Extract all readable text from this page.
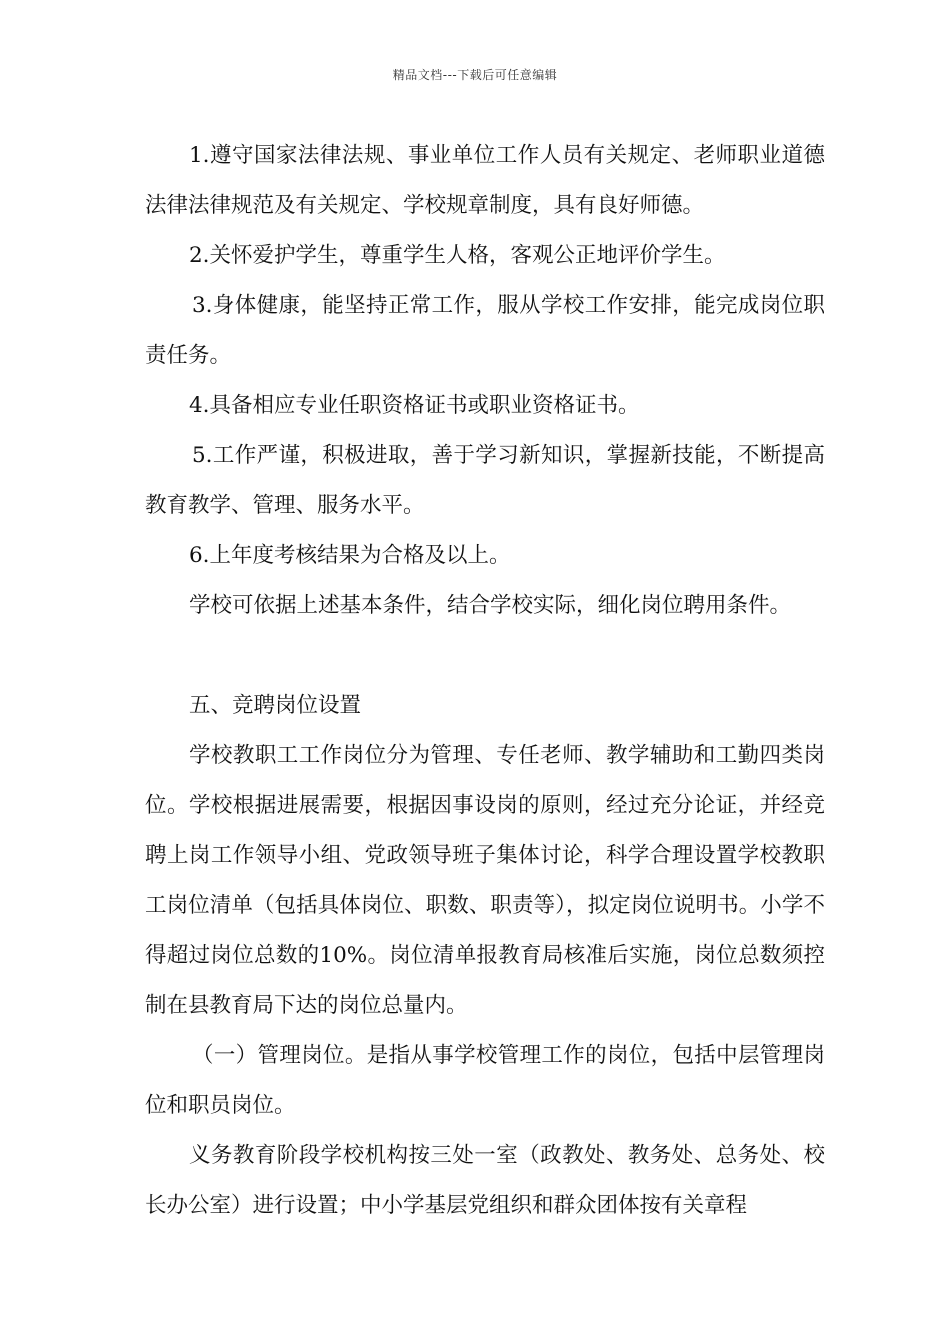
精品文档---下载后可任意编辑

1.遵守国家法律法规、事业单位工作人员有关规定、老师职业道德法律法律规范及有关规定、学校规章制度，具有良好师德。

2.关怀爱护学生，尊重学生人格，客观公正地评价学生。

3.身体健康，能坚持正常工作，服从学校工作安排，能完成岗位职责任务。

4.具备相应专业任职资格证书或职业资格证书。

5.工作严谨，积极进取，善于学习新知识，掌握新技能，不断提高教育教学、管理、服务水平。

6.上年度考核结果为合格及以上。

学校可依据上述基本条件，结合学校实际，细化岗位聘用条件。

五、竞聘岗位设置

学校教职工工作岗位分为管理、专任老师、教学辅助和工勤四类岗位。学校根据进展需要，根据因事设岗的原则，经过充分论证，并经竞聘上岗工作领导小组、党政领导班子集体讨论，科学合理设置学校教职工岗位清单（包括具体岗位、职数、职责等），拟定岗位说明书。小学不得超过岗位总数的10%。岗位清单报教育局核准后实施，岗位总数须控制在县教育局下达的岗位总量内。

（一）管理岗位。是指从事学校管理工作的岗位，包括中层管理岗位和职员岗位。

义务教育阶段学校机构按三处一室（政教处、教务处、总务处、校长办公室）进行设置；中小学基层党组织和群众团体按有关章程
